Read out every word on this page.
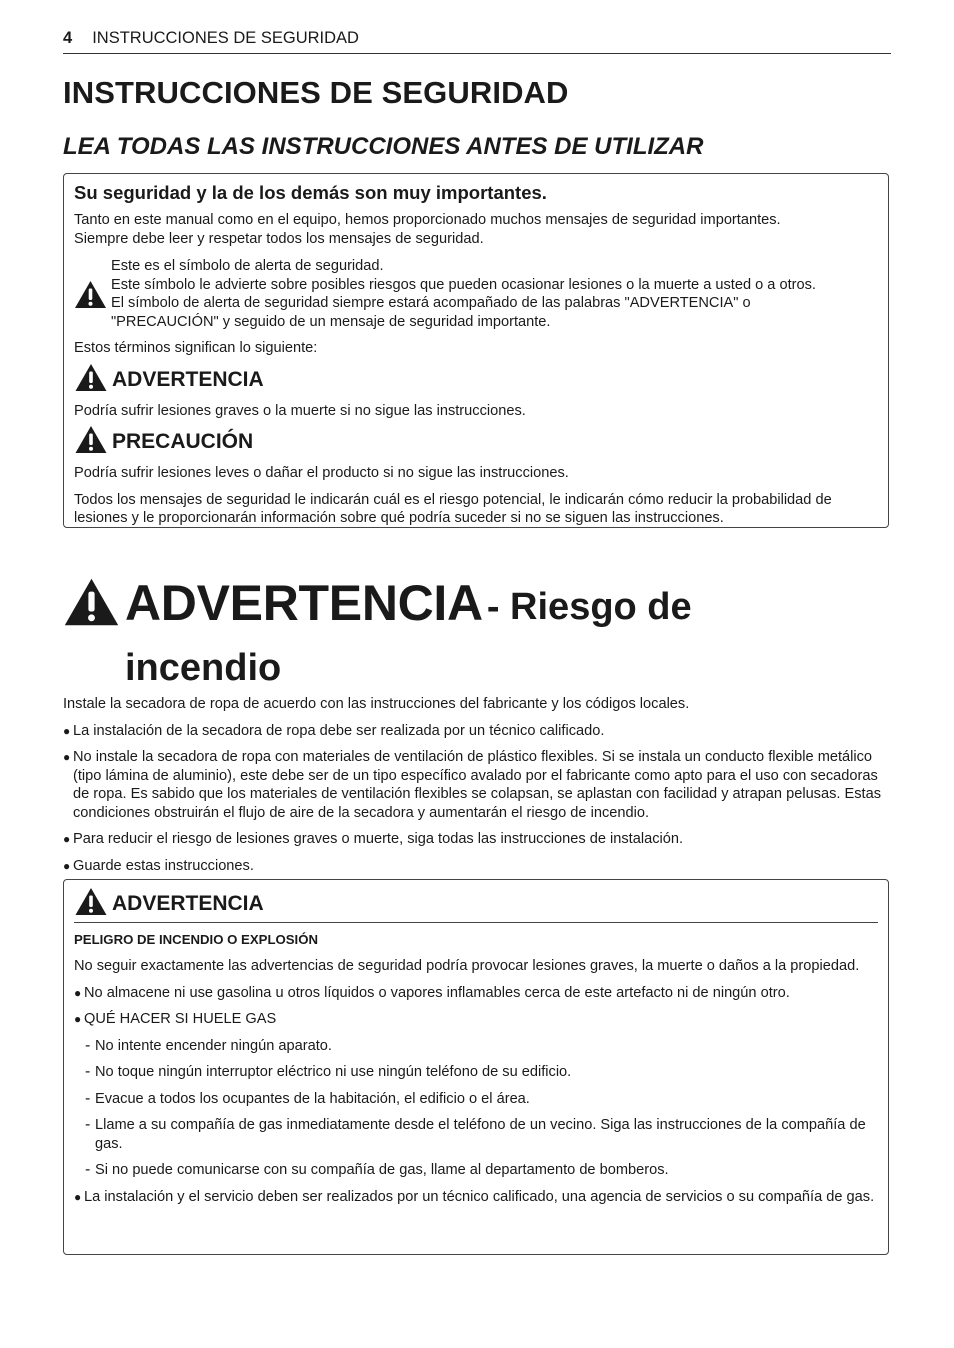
4 INSTRUCCIONES DE SEGURIDAD
INSTRUCCIONES DE SEGURIDAD
LEA TODAS LAS INSTRUCCIONES ANTES DE UTILIZAR

Su seguridad y la de los demás son muy importantes.

Tanto en este manual como en el equipo, hemos proporcionado muchos mensajes de seguridad importantes.

Siempre debe leer y respetar todos los mensajes de seguridad.

Este es el símbolo de alerta de seguridad.

Este símbolo le advierte sobre posibles riesgos que pueden ocasionar lesiones o la muerte a usted o a otros.

El símbolo de alerta de seguridad siempre estará acompañado de las palabras "ADVERTENCIA" o

"PRECAUCIÓN" y seguido de un mensaje de seguridad importante.

Estos términos significan lo siguiente:

ADVERTENCIA

Podría sufrir lesiones graves o la muerte si no sigue las instrucciones.

PRECAUCIÓN

Podría sufrir lesiones leves o dañar el producto si no sigue las instrucciones.

Todos los mensajes de seguridad le indicarán cuál es el riesgo potencial, le indicarán cómo reducir la probabilidad de

lesiones y le proporcionarán información sobre qué podría suceder si no se siguen las instrucciones.

ADVERTENCIA - Riesgo de
incendio

Instale la secadora de ropa de acuerdo con las instrucciones del fabricante y los códigos locales.

● La instalación de la secadora de ropa debe ser realizada por un técnico calificado.

● No instale la secadora de ropa con materiales de ventilación de plástico flexibles. Si se instala un conducto flexible metálico (tipo lámina de aluminio), este debe ser de un tipo específico avalado por el fabricante como apto para el uso con secadoras de ropa. Es sabido que los materiales de ventilación flexibles se colapsan, se aplastan con facilidad y atrapan pelusas. Estas condiciones obstruirán el flujo de aire de la secadora y aumentarán el riesgo de incendio.

● Para reducir el riesgo de lesiones graves o muerte, siga todas las instrucciones de instalación.

● Guarde estas instrucciones.

ADVERTENCIA

PELIGRO DE INCENDIO O EXPLOSIÓN

No seguir exactamente las advertencias de seguridad podría provocar lesiones graves, la muerte o daños a la propiedad.

● No almacene ni use gasolina u otros líquidos o vapores inflamables cerca de este artefacto ni de ningún otro.

● QUÉ HACER SI HUELE GAS

- No intente encender ningún aparato.

- No toque ningún interruptor eléctrico ni use ningún teléfono de su edificio.

- Evacue a todos los ocupantes de la habitación, el edificio o el área.

- Llame a su compañía de gas inmediatamente desde el teléfono de un vecino. Siga las instrucciones de la compañía de gas.

- Si no puede comunicarse con su compañía de gas, llame al departamento de bomberos.

● La instalación y el servicio deben ser realizados por un técnico calificado, una agencia de servicios o su compañía de gas.
